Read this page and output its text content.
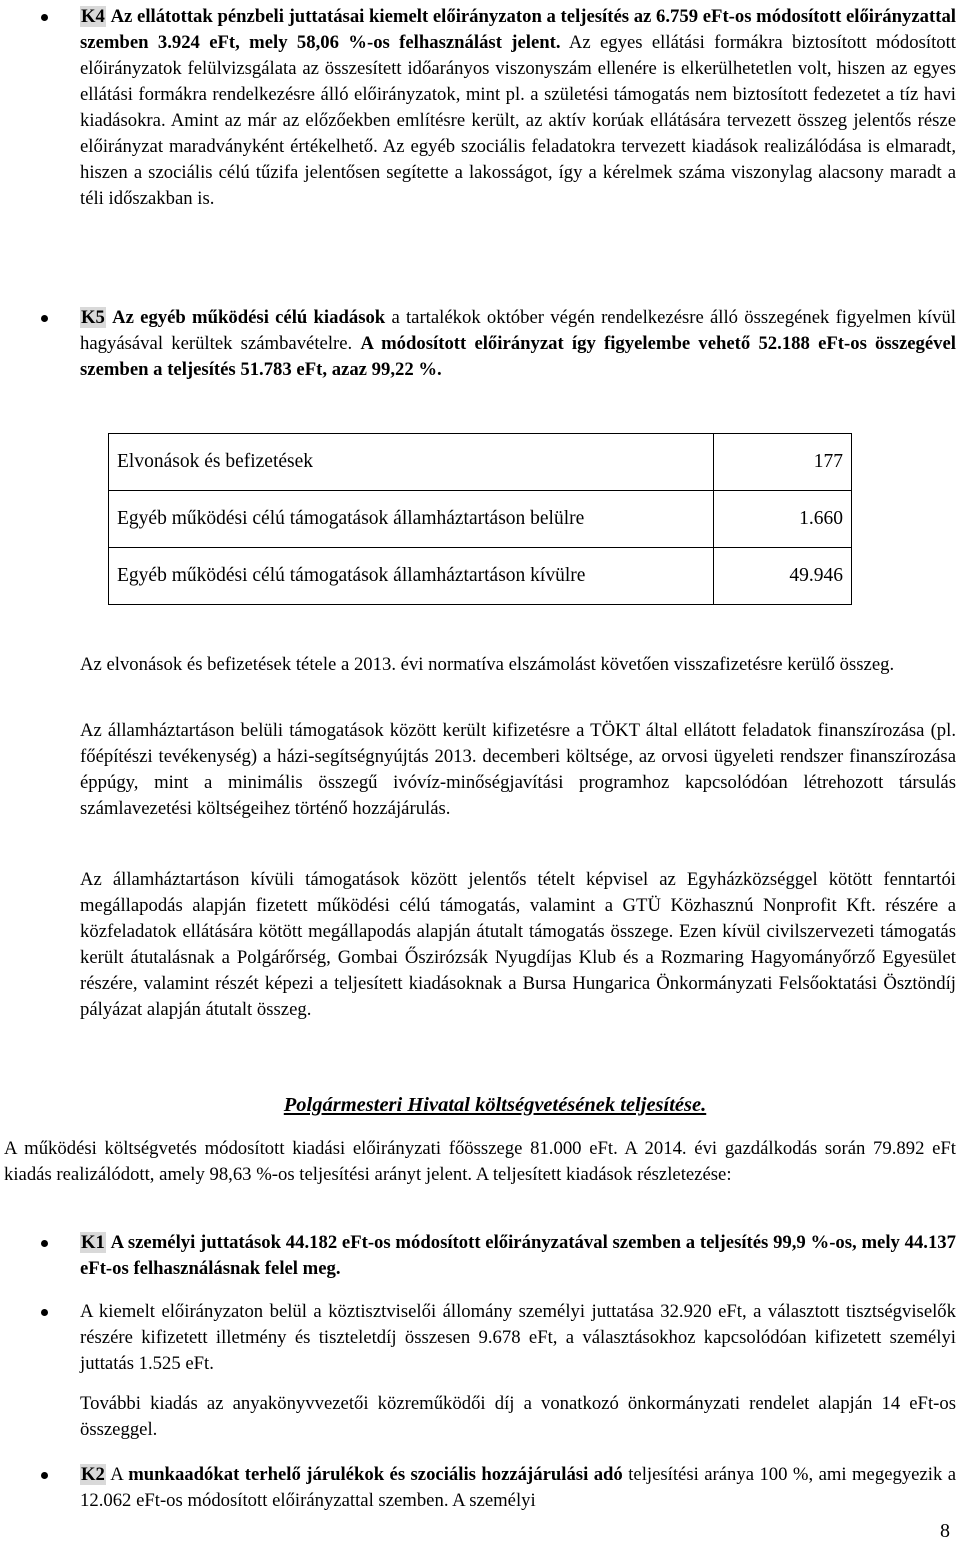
K4 Az ellátottak pénzbeli juttatásai kiemelt előirányzaton a teljesítés az 6.759 eFt-os módosított előirányzattal szemben 3.924 eFt, mely 58,06 %-os felhasználást jelent. Az egyes ellátási formákra biztosított módosított előirányzatok felülvizsgálata az összesített időarányos viszonyszám ellenére is elkerülhetetlen volt, hiszen az egyes ellátási formákra rendelkezésre álló előirányzatok, mint pl. a születési támogatás nem biztosított fedezetet a tíz havi kiadásokra. Amint az már az előzőekben említésre került, az aktív korúak ellátására tervezett összeg jelentős része előirányzat maradványként értékelhető. Az egyéb szociális feladatokra tervezett kiadások realizálódása is elmaradt, hiszen a szociális célú tűzifa jelentősen segítette a lakosságot, így a kérelmek száma viszonylag alacsony maradt a téli időszakban is.
K5 Az egyéb működési célú kiadások a tartalékok október végén rendelkezésre álló összegének figyelmen kívül hagyásával kerültek számbavételre. A módosított előirányzat így figyelembe vehető 52.188 eFt-os összegével szemben a teljesítés 51.783 eFt, azaz 99,22 %.
Elvonások és befizetések	177
Egyéb működési célú támogatások államháztartáson belülre	1.660
Egyéb működési célú támogatások államháztartáson kívülre	49.946
Az elvonások és befizetések tétele a 2013. évi normatíva elszámolást követően visszafizetésre kerülő összeg.
Az államháztartáson belüli támogatások között került kifizetésre a TÖKT által ellátott feladatok finanszírozása (pl. főépítészi tevékenység) a házi-segítségnyújtás 2013. decemberi költsége, az orvosi ügyeleti rendszer finanszírozása éppúgy, mint a minimális összegű ivóvíz-minőségjavítási programhoz kapcsolódóan létrehozott társulás számlavezetési költségeihez történő hozzájárulás.
Az államháztartáson kívüli támogatások között jelentős tételt képvisel az Egyházközséggel kötött fenntartói megállapodás alapján fizetett működési célú támogatás, valamint a GTÜ Közhasznú Nonprofit Kft. részére a közfeladatok ellátására kötött megállapodás alapján átutalt támogatás összege. Ezen kívül civilszervezeti támogatás került átutalásnak a Polgárőrség, Gombai Őszirózsák Nyugdíjas Klub és a Rozmaring Hagyományőrző Egyesület részére, valamint részét képezi a teljesített kiadásoknak a Bursa Hungarica Önkormányzati Felsőoktatási Ösztöndíj pályázat alapján átutalt összeg.
Polgármesteri Hivatal költségvetésének teljesítése.
A működési költségvetés módosított kiadási előirányzati főösszege 81.000 eFt. A 2014. évi gazdálkodás során 79.892 eFt kiadás realizálódott, amely 98,63 %-os teljesítési arányt jelent. A teljesített kiadások részletezése:
K1 A személyi juttatások 44.182 eFt-os módosított előirányzatával szemben a teljesítés 99,9 %-os, mely 44.137 eFt-os felhasználásnak felel meg.
A kiemelt előirányzaton belül a köztisztviselői állomány személyi juttatása 32.920 eFt, a választott tisztségviselők részére kifizetett illetmény és tiszteletdíj összesen 9.678 eFt, a választásokhoz kapcsolódóan kifizetett személyi juttatás 1.525 eFt.
További kiadás az anyakönyvvezetői közreműködői díj a vonatkozó önkormányzati rendelet alapján 14 eFt-os összeggel.
K2 A munkaadókat terhelő járulékok és szociális hozzájárulási adó teljesítési aránya 100 %, ami megegyezik a 12.062 eFt-os módosított előirányzattal szemben. A személyi
8
